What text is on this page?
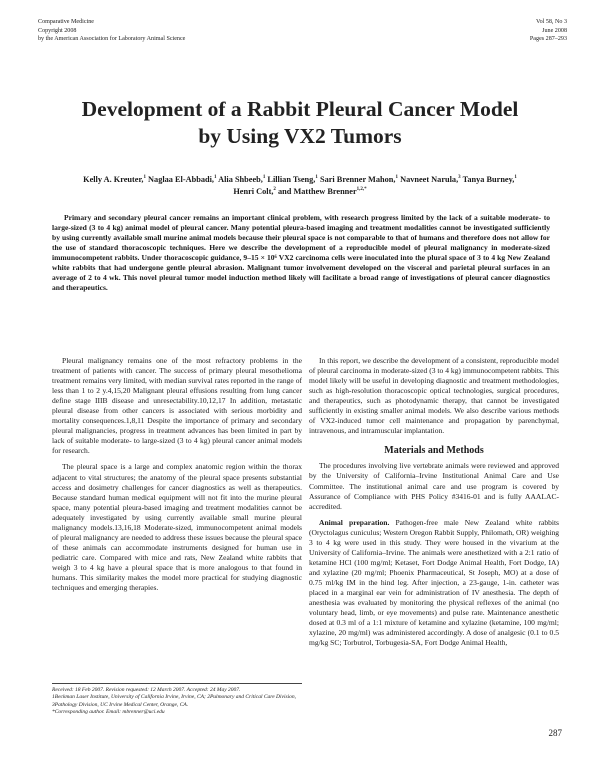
Comparative Medicine
Copyright 2008
by the American Association for Laboratory Animal Science
Vol 58, No 3
June 2008
Pages 287–293
Development of a Rabbit Pleural Cancer Model
by Using VX2 Tumors
Kelly A. Kreuter,$^1$ Naglaa El-Abbadi,$^1$ Alia Shbeeb,$^1$ Lillian Tseng,$^1$ Sari Brenner Mahon,$^1$ Navneet Narula,$^3$ Tanya Burney,$^1$
Henri Colt,$^2$ and Matthew Brenner$^{1,2,*}$

Primary and secondary pleural cancer remains an important clinical problem, with research progress limited by the lack of a suitable moderate- to large-sized (3 to 4 kg) animal model of pleural cancer. Many potential pleura-based imaging and treatment modalities cannot be investigated sufficiently by using currently available small murine animal models because their pleural space is not comparable to that of humans and therefore does not allow for the use of standard thoracoscopic techniques. Here we describe the development of a reproducible model of pleural malignancy in moderate-sized immunocompetent rabbits. Under thoracoscopic guidance, 9–15 × 10⁶ VX2 carcinoma cells were inoculated into the plural space of 3 to 4 kg New Zealand white rabbits that had undergone gentle pleural abrasion. Malignant tumor involvement developed on the visceral and parietal pleural surfaces in an average of 2 to 4 wk. This novel pleural tumor model induction method likely will facilitate a broad range of investigations of pleural cancer diagnostics and therapeutics.

Pleural malignancy remains one of the most refractory problems in the treatment of patients with cancer. The success of primary pleural mesothelioma treatment remains very limited, with median survival rates reported in the range of less than 1 to 2 y.4,15,20 Malignant pleural effusions resulting from lung cancer define stage IIIB disease and unresectability.10,12,17 In addition, metastatic pleural disease from other cancers is associated with serious morbidity and mortality consequences.1,8,11 Despite the importance of primary and secondary pleural malignancies, progress in treatment advances has been limited in part by lack of suitable moderate- to large-sized (3 to 4 kg) pleural cancer animal models for research.

The pleural space is a large and complex anatomic region within the thorax adjacent to vital structures; the anatomy of the pleural space presents substantial access and dosimetry challenges for cancer diagnostics as well as therapeutics. Because standard human medical equipment will not fit into the murine pleural space, many potential pleura-based imaging and treatment modalities cannot be adequately investigated by using currently available small murine pleural malignancy models.13,16,18 Moderate-sized, immunocompetent animal models of pleural malignancy are needed to address these issues because the pleural space of these animals can accommodate instruments designed for human use in pediatric care. Compared with mice and rats, New Zealand white rabbits that weigh 3 to 4 kg have a pleural space that is more analogous to that found in humans. This similarity makes the model more practical for studying diagnostic techniques and emerging therapies.

In this report, we describe the development of a consistent, reproducible model of pleural carcinoma in moderate-sized (3 to 4 kg) immunocompetent rabbits. This model likely will be useful in developing diagnostic and treatment methodologies, such as high-resolution thoracoscopic optical technologies, surgical procedures, and therapeutics, such as photodynamic therapy, that cannot be investigated sufficiently in existing smaller animal models. We also describe various methods of VX2-induced tumor cell maintenance and propagation by parenchymal, intravenous, and intramuscular implantation.

Materials and Methods

The procedures involving live vertebrate animals were reviewed and approved by the University of California–Irvine Institutional Animal Care and Use Committee. The institutional animal care and use program is covered by Assurance of Compliance with PHS Policy #3416-01 and is fully AAALAC-accredited.

Animal preparation. Pathogen-free male New Zealand white rabbits (Oryctolagus cuniculus; Western Oregon Rabbit Supply, Philomath, OR) weighing 3 to 4 kg were used in this study. They were housed in the vivarium at the University of California–Irvine. The animals were anesthetized with a 2:1 ratio of ketamine HCl (100 mg/ml; Ketaset, Fort Dodge Animal Health, Fort Dodge, IA) and xylazine (20 mg/ml; Phoenix Pharmaceutical, St Joseph, MO) at a dose of 0.75 ml/kg IM in the hind leg. After injection, a 23-gauge, 1-in. catheter was placed in a marginal ear vein for administration of IV anesthesia. The depth of anesthesia was evaluated by monitoring the physical reflexes of the animal (no voluntary head, limb, or eye movements) and pulse rate. Maintenance anesthetic dosed at 0.3 ml of a 1:1 mixture of ketamine and xylazine (ketamine, 100 mg/ml; xylazine, 20 mg/ml) was administered accordingly. A dose of analgesic (0.1 to 0.5 mg/kg SC; Torbutrol, Torbugesia-SA, Fort Dodge Animal Health,

Received: 18 Feb 2007. Revision requested: 12 March 2007. Accepted: 24 May 2007.
1Beckman Laser Institute, University of California Irvine, Irvine, CA; 2Pulmonary and Critical Care Division, 3Pathology Division, UC Irvine Medical Center, Orange, CA.
*Corresponding author. Email: mbrenner@uci.edu
287
